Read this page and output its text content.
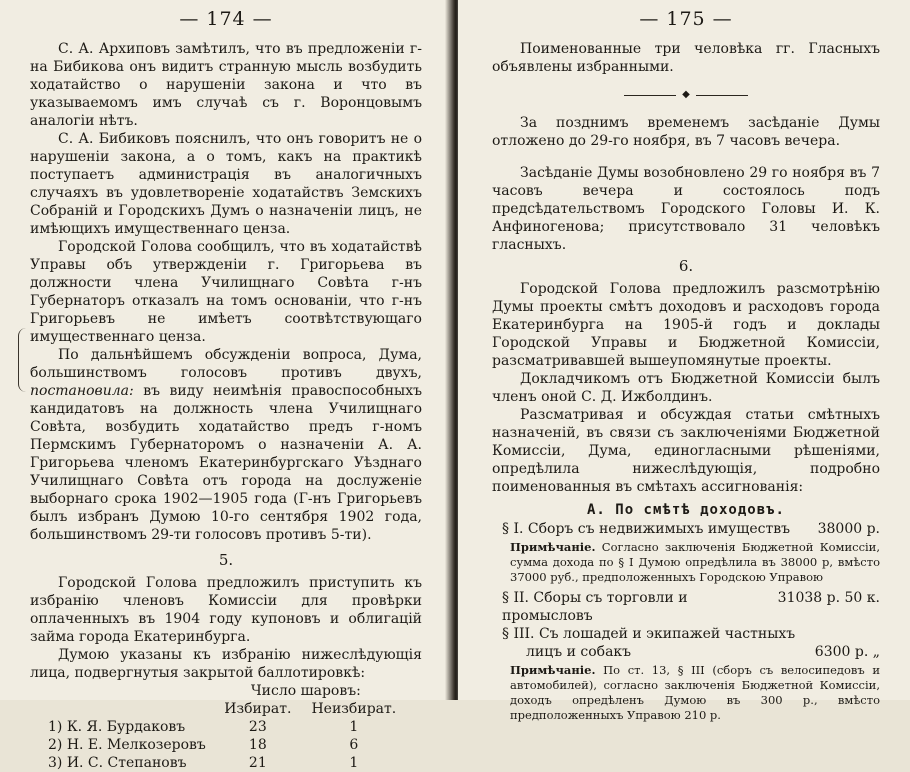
— 174 —

С. А. Архиповъ замѣтилъ, что въ предложенiи г-на Бибикова онъ видитъ странную мысль возбудить ходатайство о нарушенiи закона и что въ указываемомъ имъ случаѣ съ г. Воронцовымъ аналогiи нѣтъ.

С. А. Бибиковъ пояснилъ, что онъ говоритъ не о нарушенiи закона, а о томъ, какъ на практикѣ поступаетъ администрацiя въ аналогичныхъ случаяхъ въ удовлетворенiе ходатайствъ Земскихъ Собранiй и Городскихъ Думъ о назначенiи лицъ, не имѣющихъ имущественнаго ценза.

Городской Голова сообщилъ, что въ ходатайствѣ Управы объ утвержденiи г. Григорьева въ должности члена Училищнаго Совѣта г-нъ Губернаторъ отказалъ на томъ основанiи, что г-нъ Григорьевъ не имѣетъ соотвѣтствующаго имущественнаго ценза.

По дальнѣйшемъ обсужденiи вопроса, Дума, большинствомъ голосовъ противъ двухъ, постановила: въ виду неимѣнiя правоспособныхъ кандидатовъ на должность члена Училищнаго Совѣта, возбудить ходатайство предъ г-номъ Пермскимъ Губернаторомъ о назначенiи А. А. Григорьева членомъ Екатеринбургскаго Уѣзднаго Училищнаго Совѣта отъ города на дослуженiе выборнаго срока 1902—1905 года (Г-нъ Григорьевъ былъ избранъ Думою 10-го сентября 1902 года, большинствомъ 29-ти голосовъ противъ 5-ти).

5.

Городской Голова предложилъ приступить къ избранiю членовъ Комиссiи для провѣрки оплаченныхъ въ 1904 году купоновъ и облигацiй займа города Екатеринбурга.

Думою указаны къ избранiю нижеслѣдующiя лица, подвергнутыя закрытой баллотировкѣ:

	Число шаровъ:	
	Избират.	Неизбират.
1) К. Я. Бурдаковъ	23	1
2) Н. Е. Мелкозеровъ	18	6
3) И. С. Степановъ	21	1
— 175 —

Поименованные три человѣка гг. Гласныхъ объявлены избранными.

◆

За позднимъ временемъ засѣданiе Думы отложено до 29-го ноября, въ 7 часовъ вечера.

Засѣданiе Думы возобновлено 29 го ноября въ 7 часовъ вечера и состоялось подъ предсѣдательствомъ Городского Головы И. К. Анфиногенова; присутствовало 31 человѣкъ гласныхъ.

6.

Городской Голова предложилъ разсмотрѣнiю Думы проекты смѣтъ доходовъ и расходовъ города Екатеринбурга на 1905-й годъ и доклады Городской Управы и Бюджетной Комиссiи, разсматривавшей вышеупомянутые проекты.

Докладчикомъ отъ Бюджетной Комиссiи былъ членъ оной С. Д. Ижболдинъ.

Разсматривая и обсуждая статьи смѣтныхъ назначенiй, въ связи съ заключенiями Бюджетной Комиссiи, Дума, единогласными рѣшенiями, опредѣлила нижеслѣдующiя, подробно поименованныя въ смѣтахъ ассигнованiя:

А. По смѣтѣ доходовъ.
§ I. Сборъ съ недвижимыхъ имуществъ 38000 р.

Примѣчанiе. Согласно заключенiя Бюджетной Комиссiи, сумма дохода по § I Думою опредѣлила въ 38000 р, вмѣсто 37000 руб., предположенныхъ Городскою Управою

§ II. Сборы съ торговли и промысловъ
31038 р. 50 к.
§ III. Съ лошадей и экипажей частныхъ
лицъ и собакъ	6300 р. „

Примѣчанiе. По ст. 13, § III (сборъ съ велосипедовъ и автомобилей), согласно заключенiя Бюджетной Комиссiи, доходъ опредѣленъ Думою въ 300 р., вмѣсто предположенныхъ Управою 210 р.
